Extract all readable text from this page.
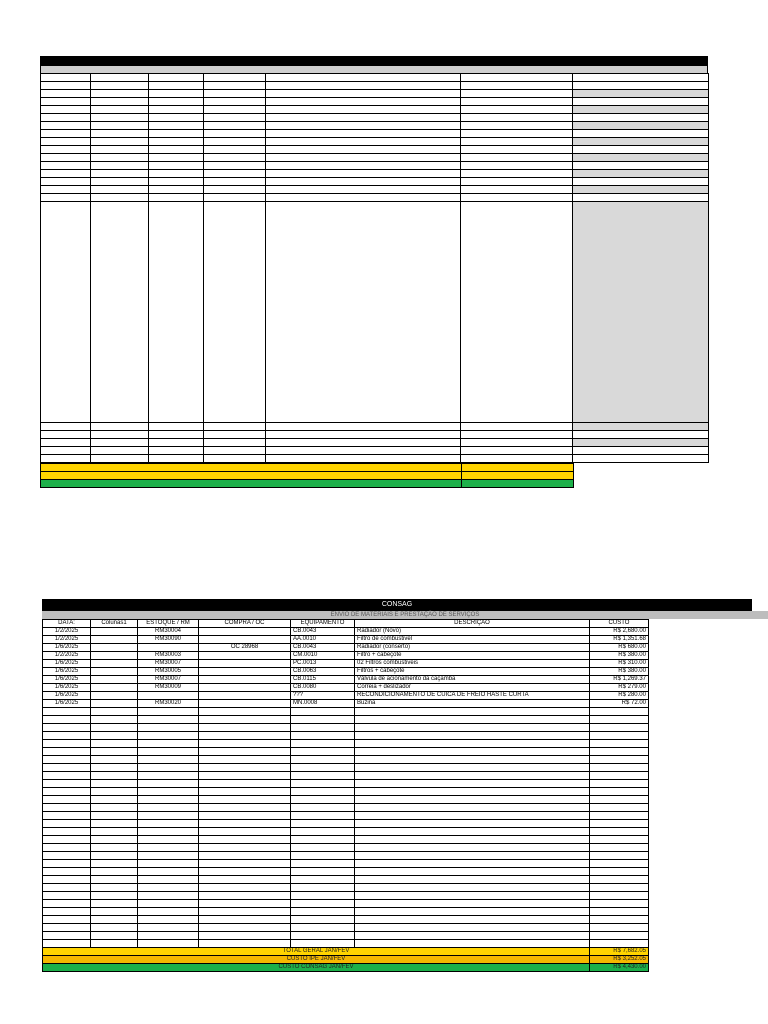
CONSAG
ENVIO DE MATERIAIS E PRESTAÇÃO DE SERVIÇOS
DATA:	Colunas1	ESTOQUE / RM	COMPRA / OC	EQUIPAMENTO	DESCRIÇÃO	CUSTO
1/2/2025		RM30004		CB.0043	Radiador (Novo)	R$ 2,680.00
1/2/2025		RM30090		AA.0010	Filtro de combustivel	R$ 1,351.68
1/6/2025			OC 28968	CB.0043	Radiador (conserto)	R$ 680.00
1/2/2025		RM30003		CM.0010	Filtro + cabeçote	R$ 380.00
1/6/2025		RM30007		PC.0013	02 Filtros combustiveis	R$ 310.00
1/6/2025		RM30005		CB.0063	Filtros + cabeçote	R$ 380.00
1/6/2025		RM30007		CB.0115	Válvula de acionamento da caçamba	R$ 1,269.37
1/6/2025		RM30009		CB.0080	Correia + deslizador	R$ 279.00
1/6/2025				???	RECONDICIONAMENTO DE CUICA DE FREIO HASTE CURTA	R$ 280.00
1/6/2025		RM30020		MN.0008	Buzina	R$ 72.00

TOTAL GERAL JAN/FEV						R$ 7,682.05
CUSTO IPÊ JAN/FEV						R$ 3,252.05
CUSTO CONSAG JAN/FEV						R$ 4,430.00
